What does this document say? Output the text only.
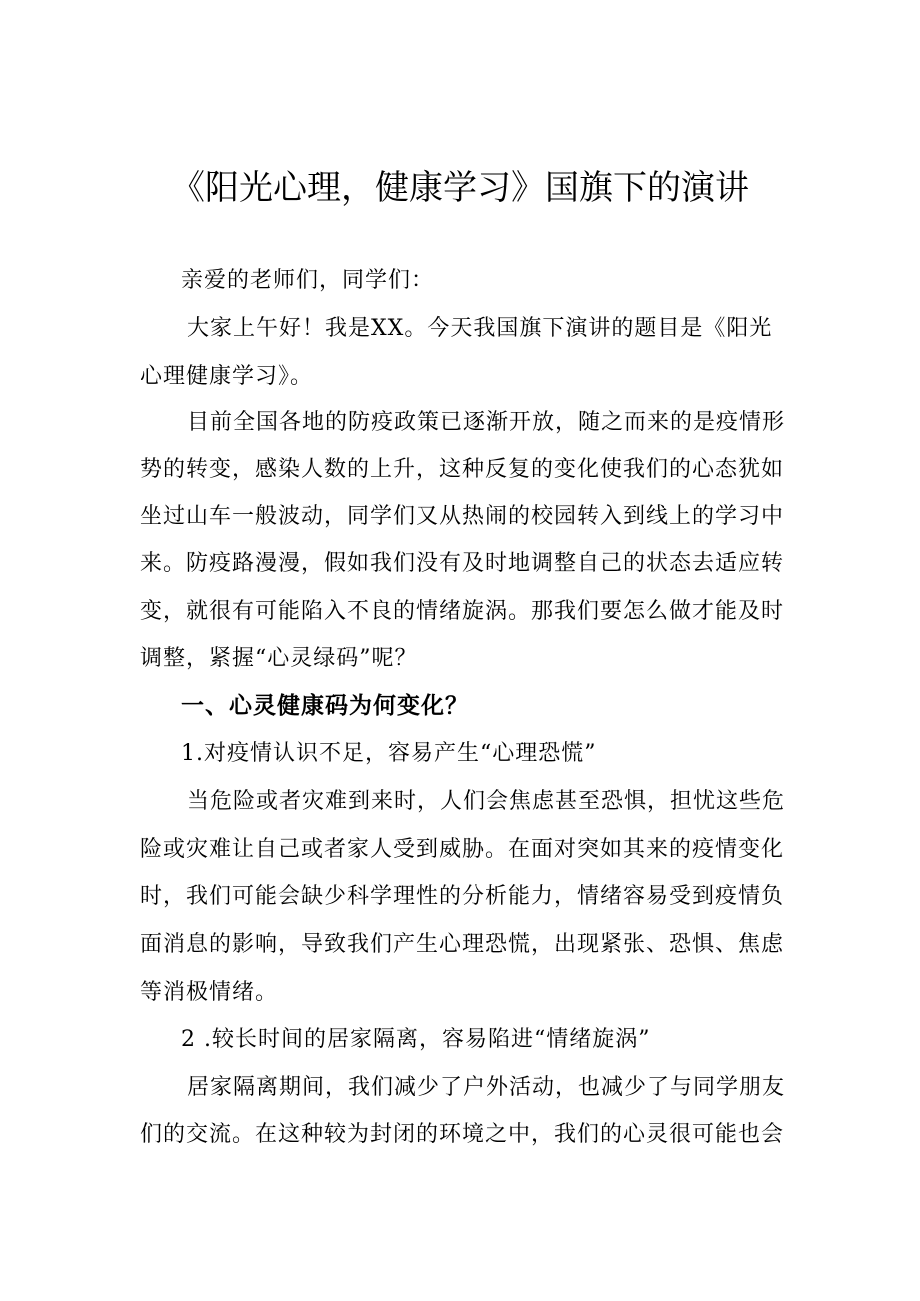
《阳光心理，健康学习》国旗下的演讲

亲爱的老师们，同学们：

大家上午好！我是XX。今天我国旗下演讲的题目是《阳光

心理健康学习》。

目前全国各地的防疫政策已逐渐开放，随之而来的是疫情形

势的转变，感染人数的上升，这种反复的变化使我们的心态犹如

坐过山车一般波动，同学们又从热闹的校园转入到线上的学习中

来。防疫路漫漫，假如我们没有及时地调整自己的状态去适应转

变，就很有可能陷入不良的情绪旋涡。那我们要怎么做才能及时

调整，紧握“心灵绿码”呢？

一、心灵健康码为何变化？

1.对疫情认识不足，容易产生“心理恐慌”

当危险或者灾难到来时，人们会焦虑甚至恐惧，担忧这些危

险或灾难让自己或者家人受到威胁。在面对突如其来的疫情变化

时，我们可能会缺少科学理性的分析能力，情绪容易受到疫情负

面消息的影响，导致我们产生心理恐慌，出现紧张、恐惧、焦虑

等消极情绪。

2 .较长时间的居家隔离，容易陷进“情绪旋涡”

居家隔离期间，我们减少了户外活动，也减少了与同学朋友

们的交流。在这种较为封闭的环境之中，我们的心灵很可能也会
